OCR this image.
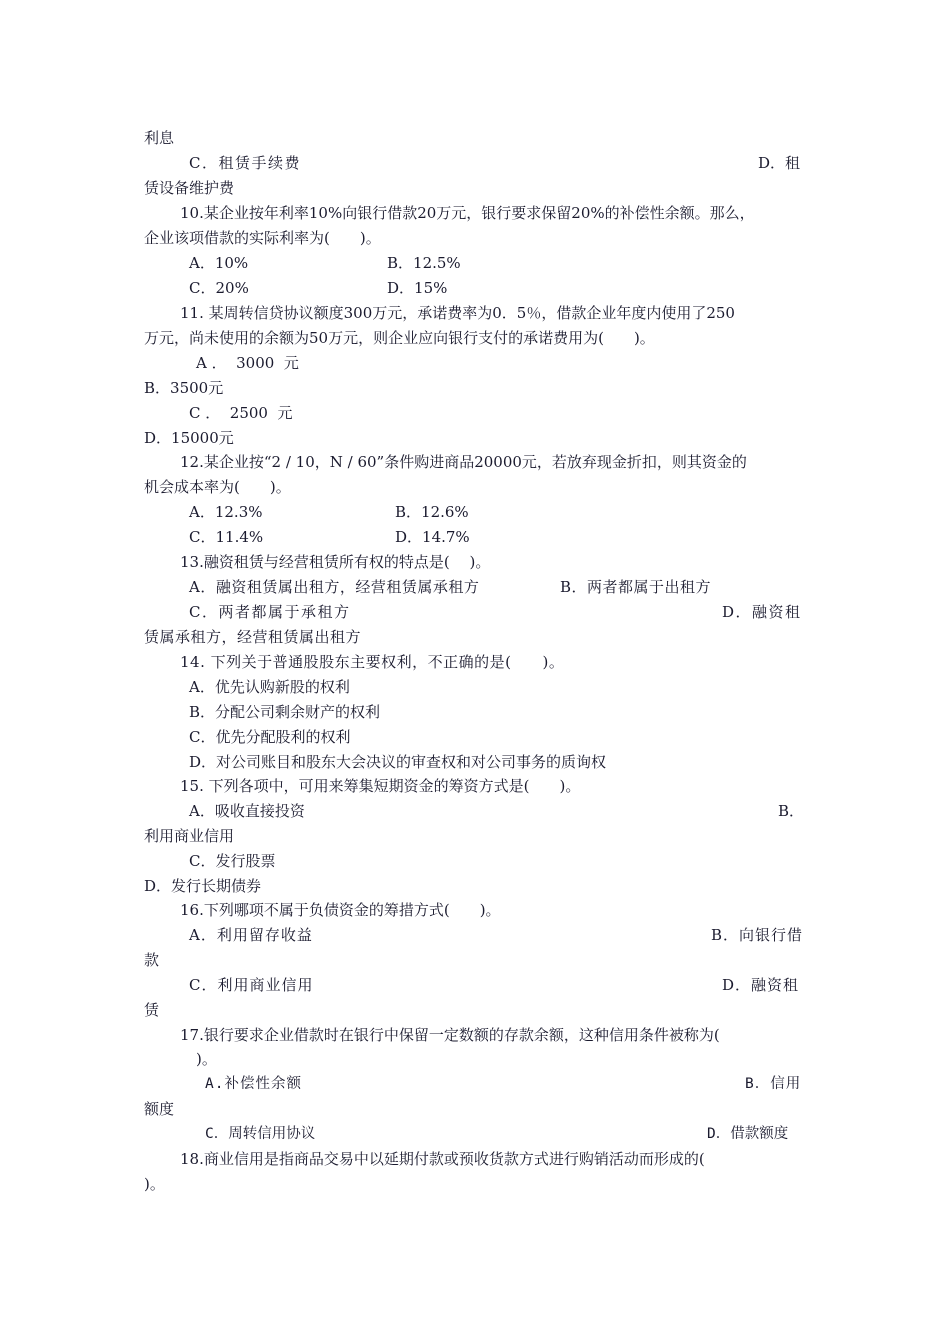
利息
C．租赁手续费	D．租
赁设备维护费
10.某企业按年利率10%向银行借款20万元，银行要求保留20%的补偿性余额。那么，
企业该项借款的实际利率为(　　)。
A．10%	B．12.5%
C．20%	D．15%
11. 某周转信贷协议额度300万元，承诺费率为0．5％，借款企业年度内使用了250
万元，尚未使用的余额为50万元，则企业应向银行支付的承诺费用为(　　)。
A ．  3000  元
B．3500元
C ．  2500  元
D．15000元
12.某企业按“2 / 10，N / 60”条件购进商品20000元，若放弃现金折扣，则其资金的
机会成本率为(　　)。
A．12.3%	B．12.6%
C．11.4%	D．14.7%
13.融资租赁与经营租赁所有权的特点是(　 )。
A．融资租赁属出租方，经营租赁属承租方	B．两者都属于出租方
C．两者都属于承租方	D．融资租
赁属承租方，经营租赁属出租方
14. 下列关于普通股股东主要权利，不正确的是(　　)。
A．优先认购新股的权利
B．分配公司剩余财产的权利
C．优先分配股利的权利
D．对公司账目和股东大会决议的审查权和对公司事务的质询权
15. 下列各项中，可用来筹集短期资金的筹资方式是(　　)。
A．吸收直接投资	B．
利用商业信用
C．发行股票
D．发行长期债券
16.下列哪项不属于负债资金的筹措方式(　　)。
A．利用留存收益	B．向银行借
款
C．利用商业信用	D．融资租
赁
17.银行要求企业借款时在银行中保留一定数额的存款余额，这种信用条件被称为(
)。
A.补偿性余额	B．信用
额度
C．周转信用协议	D．借款额度
18.商业信用是指商品交易中以延期付款或预收货款方式进行购销活动而形成的(
)。
